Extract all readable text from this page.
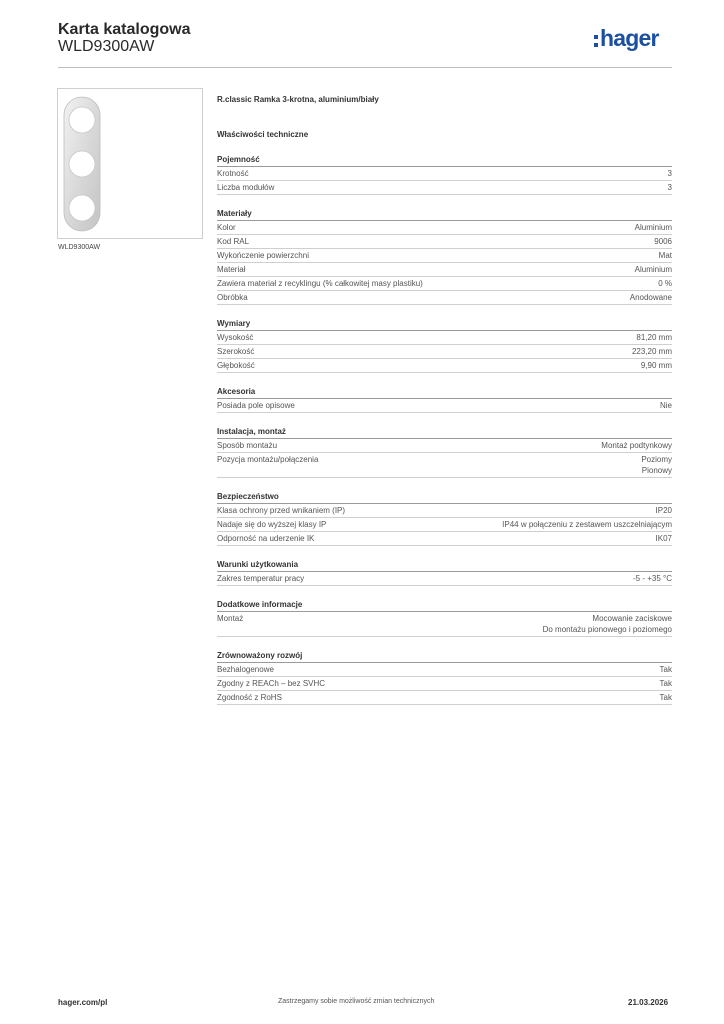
Karta katalogowa
WLD9300AW	hager
WLD9300AW
R.classic Ramka 3-krotna, aluminium/biały
Właściwości techniczne
Pojemność
Krotność	3
Liczba modułów	3
Materiały
Kolor	Aluminium
Kod RAL	9006
Wykończenie powierzchni	Mat
Materiał	Aluminium
Zawiera materiał z recyklingu (% całkowitej masy plastiku)	0 %
Obróbka	Anodowane
Wymiary
Wysokość	81,20 mm
Szerokość	223,20 mm
Głębokość	9,90 mm
Akcesoria
Posiada pole opisowe	Nie
Instalacja, montaż
Sposób montażu	Montaż podtynkowy
Pozycja montażu/połączenia	Poziomy
Pionowy
Bezpieczeństwo
Klasa ochrony przed wnikaniem (IP)	IP20
Nadaje się do wyższej klasy IP	IP44 w połączeniu z zestawem uszczelniającym
Odporność na uderzenie IK	IK07
Warunki użytkowania
Zakres temperatur pracy	-5 - +35 °C
Dodatkowe informacje
Montaż	Mocowanie zaciskowe
Do montażu pionowego i poziomego
Zrównoważony rozwój
Bezhalogenowe	Tak
Zgodny z REACh – bez SVHC	Tak
Zgodność z RoHS	Tak
hager.com/pl	Zastrzegamy sobie możliwość zmian technicznych	21.03.2026
